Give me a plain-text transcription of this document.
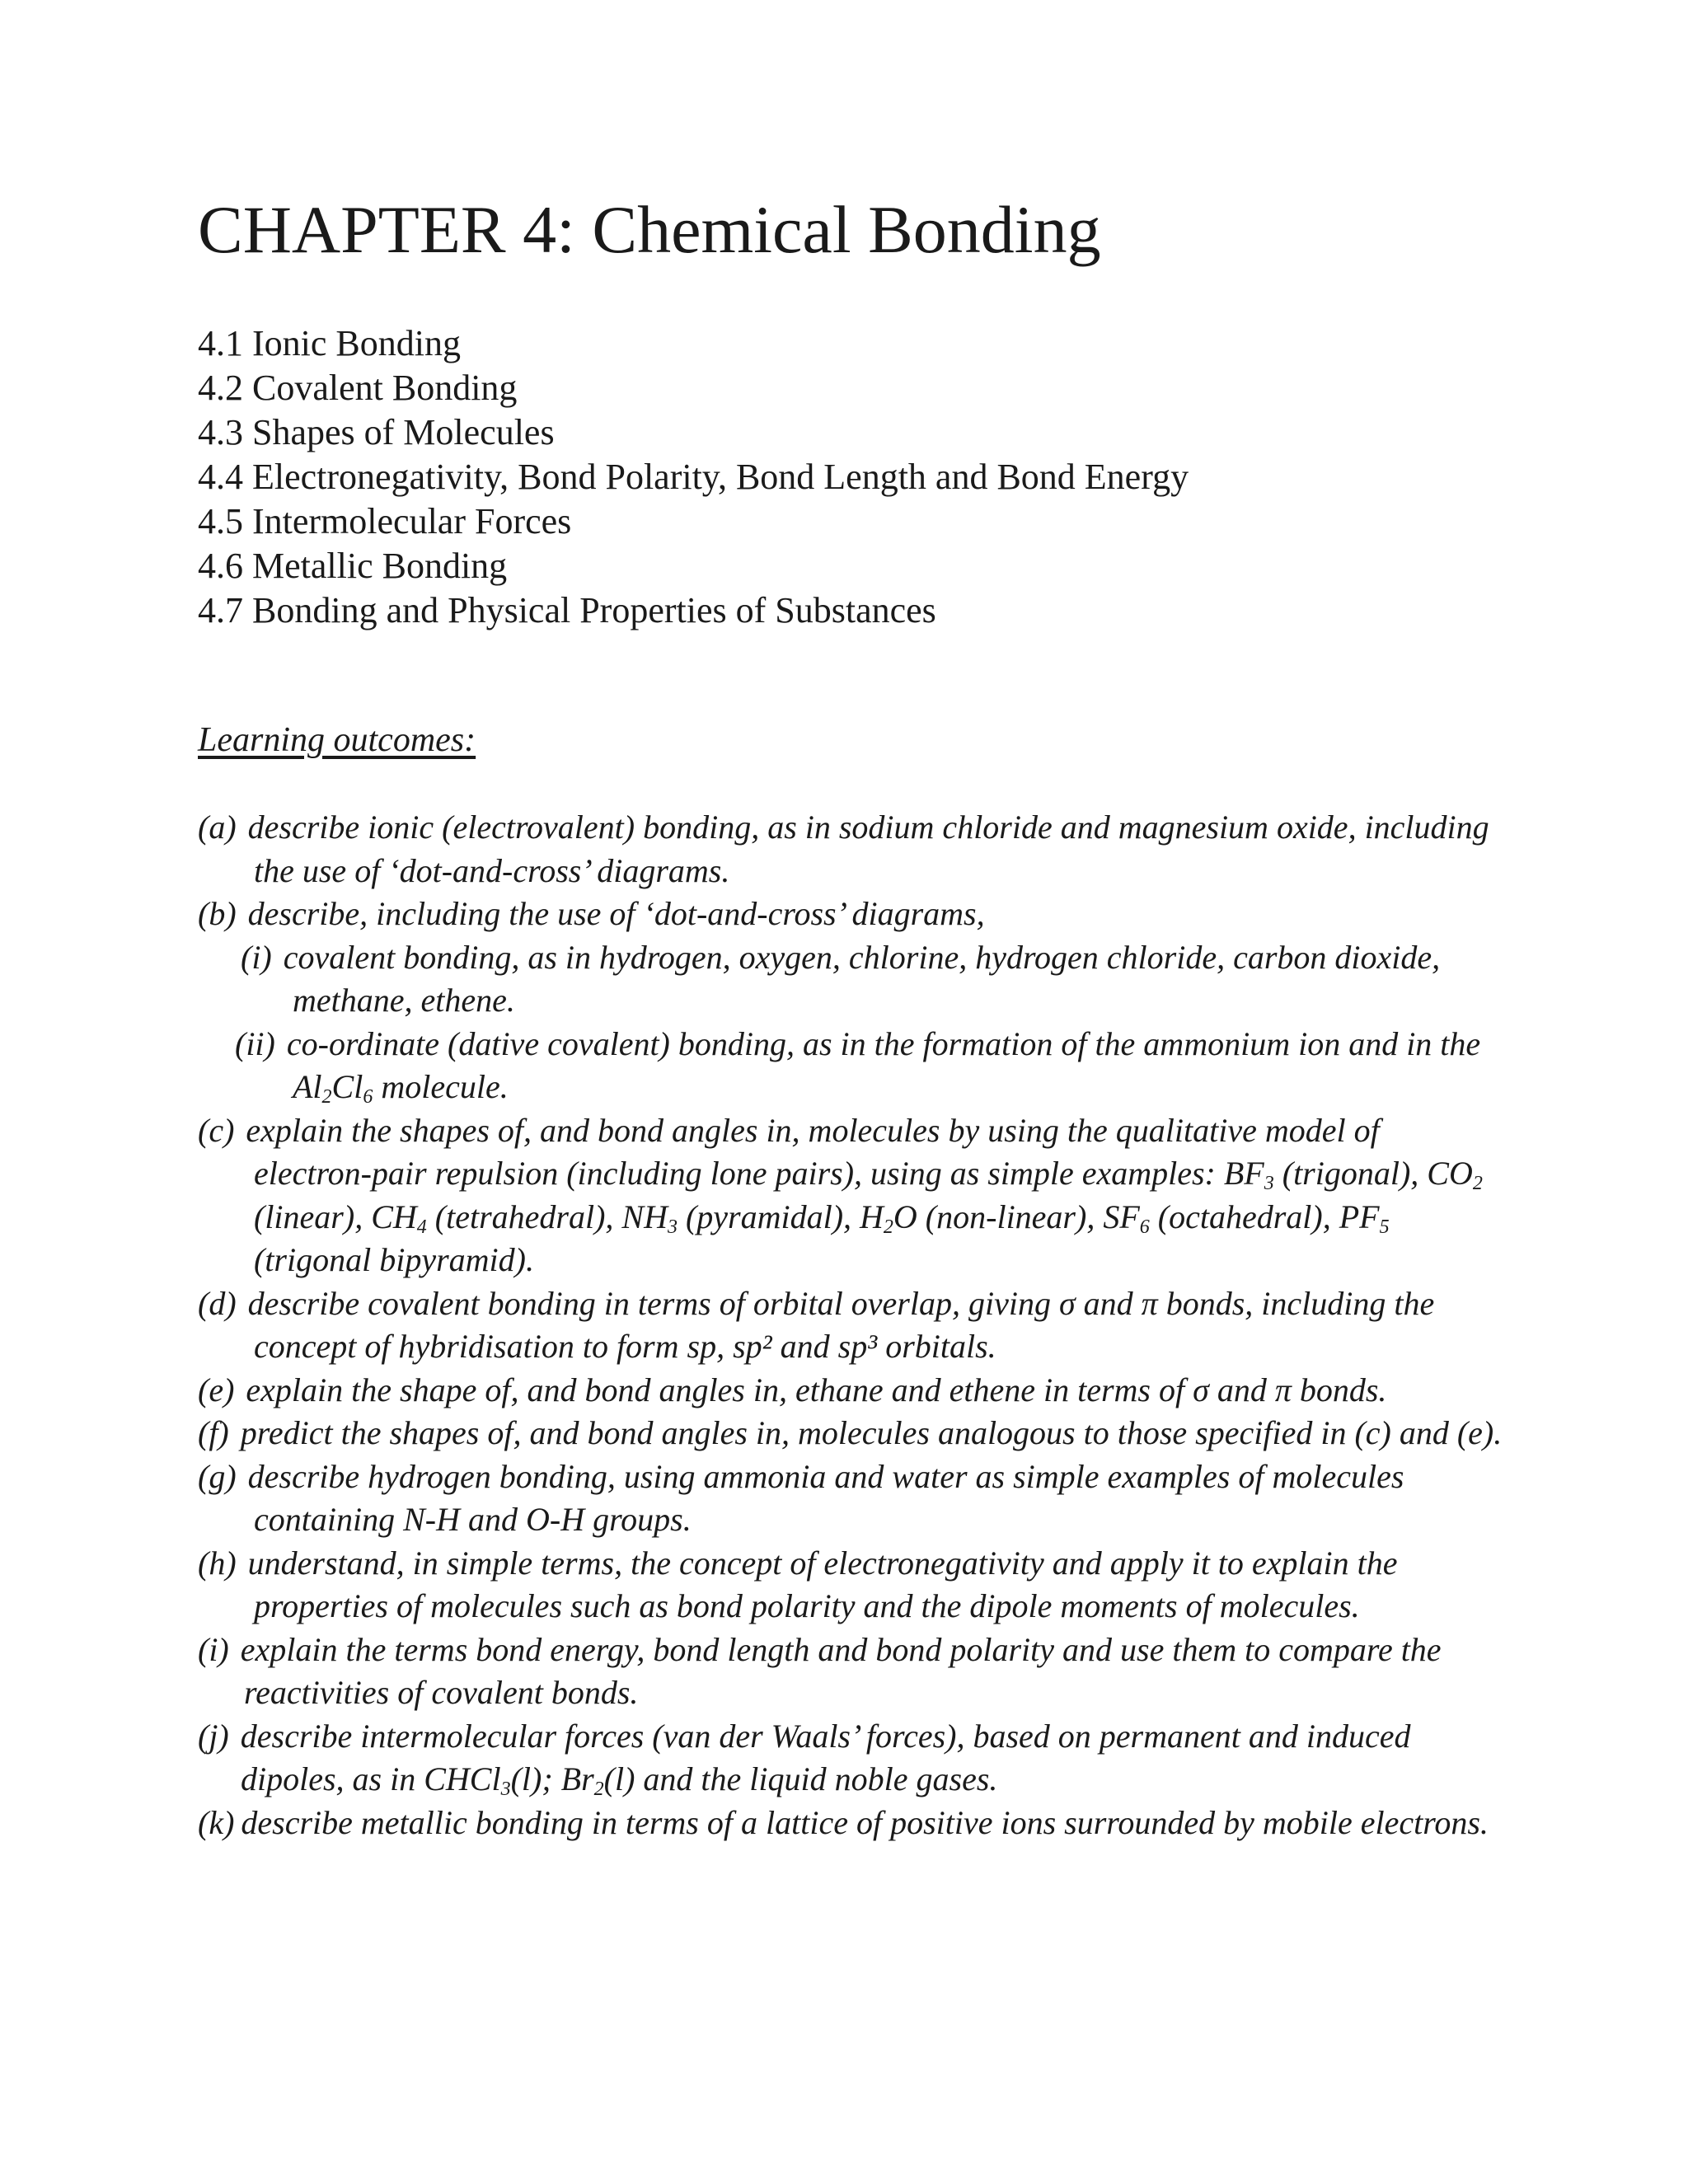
CHAPTER 4: Chemical Bonding
4.1 Ionic Bonding
4.2 Covalent Bonding
4.3 Shapes of Molecules
4.4 Electronegativity, Bond Polarity, Bond Length and Bond Energy
4.5 Intermolecular Forces
4.6 Metallic Bonding
4.7 Bonding and Physical Properties of Substances

Learning outcomes:

(a) describe ionic (electrovalent) bonding, as in sodium chloride and magnesium oxide, including
the use of ‘dot-and-cross’ diagrams.
(b) describe, including the use of ‘dot-and-cross’ diagrams,
(i) covalent bonding, as in hydrogen, oxygen, chlorine, hydrogen chloride, carbon dioxide,
methane, ethene.
(ii) co-ordinate (dative covalent) bonding, as in the formation of the ammonium ion and in the
$Al_2Cl_6$ molecule.
(c) explain the shapes of, and bond angles in, molecules by using the qualitative model of
electron-pair repulsion (including lone pairs), using as simple examples: $BF_3$ (trigonal), $CO_2$
(linear), $CH_4$ (tetrahedral), $NH_3$ (pyramidal), $H_2O$ (non-linear), $SF_6$ (octahedral), $PF_5$
(trigonal bipyramid).
(d) describe covalent bonding in terms of orbital overlap, giving σ and π bonds, including the
concept of hybridisation to form sp, sp² and sp³ orbitals.
(e) explain the shape of, and bond angles in, ethane and ethene in terms of σ and π bonds.
(f) predict the shapes of, and bond angles in, molecules analogous to those specified in (c) and (e).
(g) describe hydrogen bonding, using ammonia and water as simple examples of molecules
containing N-H and O-H groups.
(h) understand, in simple terms, the concept of electronegativity and apply it to explain the
properties of molecules such as bond polarity and the dipole moments of molecules.
(i) explain the terms bond energy, bond length and bond polarity and use them to compare the
reactivities of covalent bonds.
(j) describe intermolecular forces (van der Waals’ forces), based on permanent and induced
dipoles, as in CHCl$_3$(l); $Br_2(l)$ and the liquid noble gases.
(k) describe metallic bonding in terms of a lattice of positive ions surrounded by mobile electrons.
